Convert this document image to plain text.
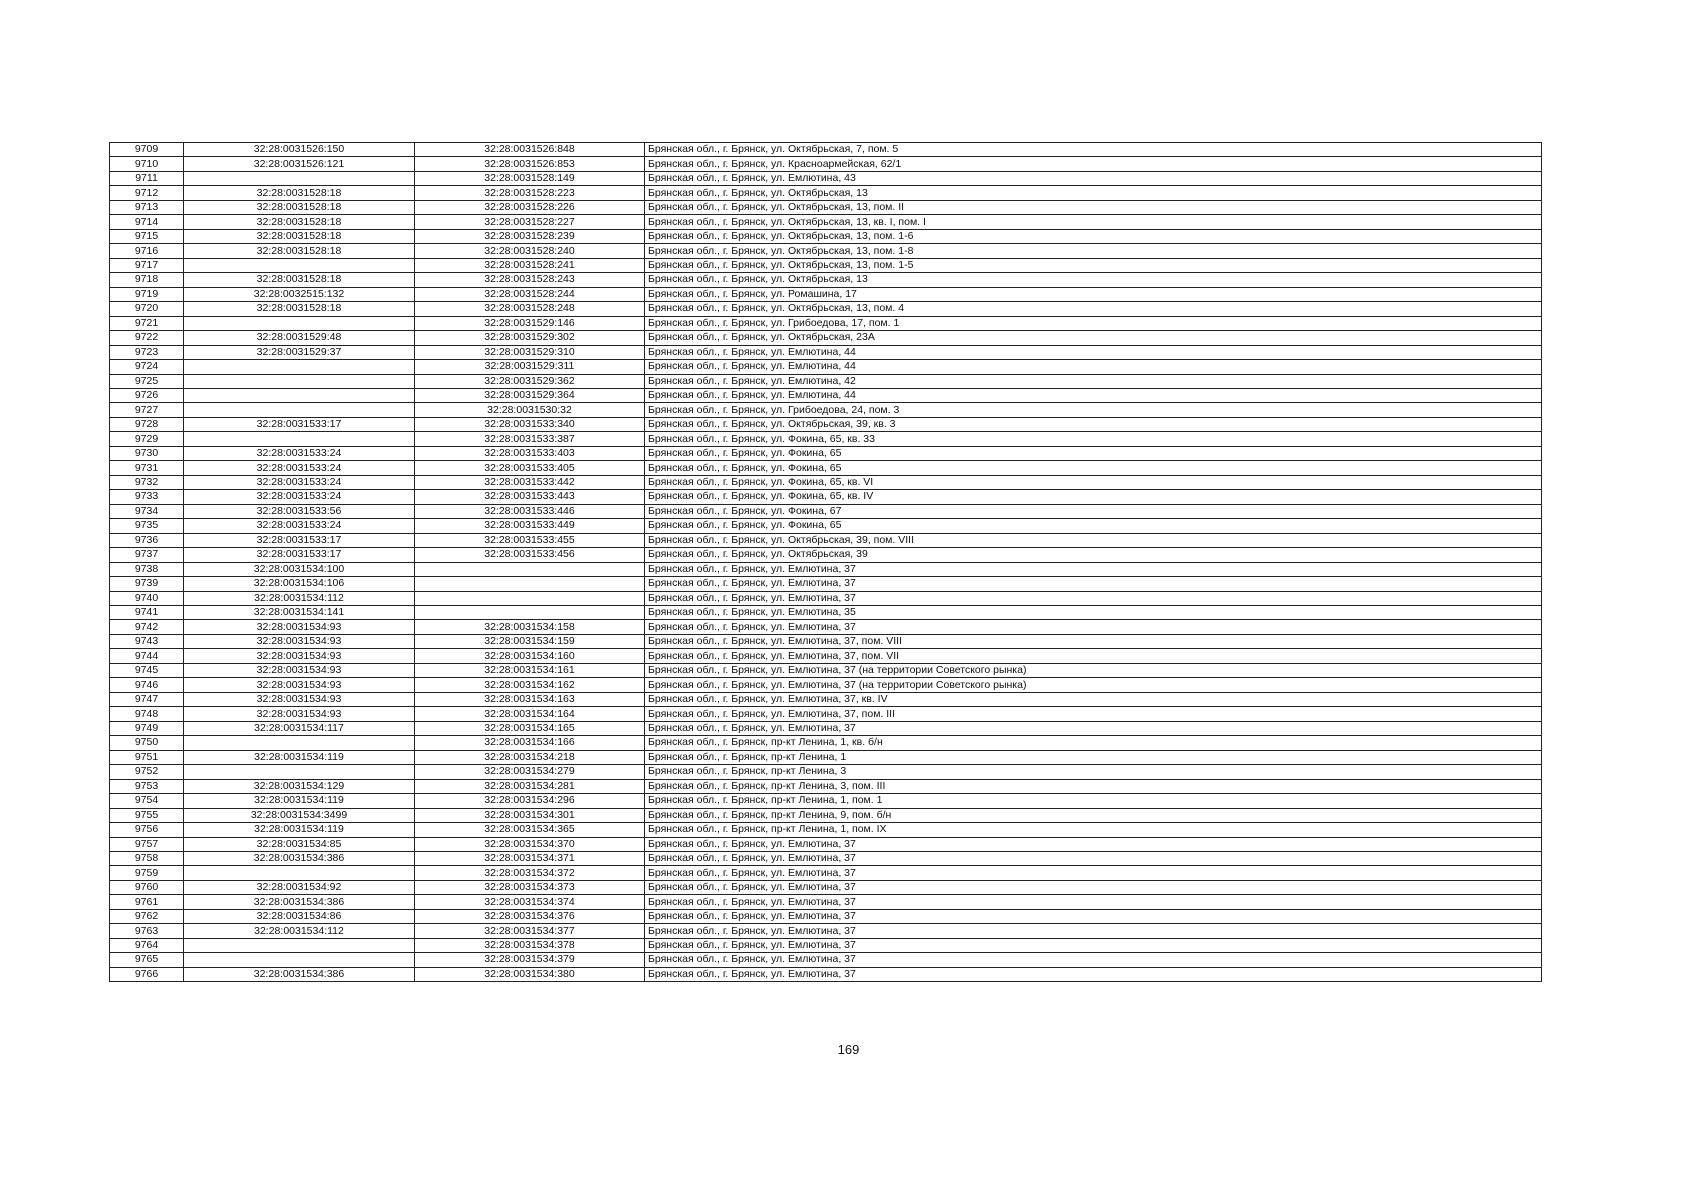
9709	32:28:0031526:150	32:28:0031526:848	Брянская обл., г. Брянск, ул. Октябрьская, 7, пом. 5
9710	32:28:0031526:121	32:28:0031526:853	Брянская обл., г. Брянск, ул. Красноармейская, 62/1
9711		32:28:0031528:149	Брянская обл., г. Брянск, ул. Емлютина, 43
9712	32:28:0031528:18	32:28:0031528:223	Брянская обл., г. Брянск, ул. Октябрьская, 13
9713	32:28:0031528:18	32:28:0031528:226	Брянская обл., г. Брянск, ул. Октябрьская, 13, пом. II
9714	32:28:0031528:18	32:28:0031528:227	Брянская обл., г. Брянск, ул. Октябрьская, 13, кв. I, пом. I
9715	32:28:0031528:18	32:28:0031528:239	Брянская обл., г. Брянск, ул. Октябрьская, 13, пом. 1-6
9716	32:28:0031528:18	32:28:0031528:240	Брянская обл., г. Брянск, ул. Октябрьская, 13, пом. 1-8
9717		32:28:0031528:241	Брянская обл., г. Брянск, ул. Октябрьская, 13, пом. 1-5
9718	32:28:0031528:18	32:28:0031528:243	Брянская обл., г. Брянск, ул. Октябрьская, 13
9719	32:28:0032515:132	32:28:0031528:244	Брянская обл., г. Брянск, ул. Ромашина, 17
9720	32:28:0031528:18	32:28:0031528:248	Брянская обл., г. Брянск, ул. Октябрьская, 13, пом. 4
9721		32:28:0031529:146	Брянская обл., г. Брянск, ул. Грибоедова, 17, пом. 1
9722	32:28:0031529:48	32:28:0031529:302	Брянская обл., г. Брянск, ул. Октябрьская, 23А
9723	32:28:0031529:37	32:28:0031529:310	Брянская обл., г. Брянск, ул. Емлютина, 44
9724		32:28:0031529:311	Брянская обл., г. Брянск, ул. Емлютина, 44
9725		32:28:0031529:362	Брянская обл., г. Брянск, ул. Емлютина, 42
9726		32:28:0031529:364	Брянская обл., г. Брянск, ул. Емлютина, 44
9727		32:28:0031530:32	Брянская обл., г. Брянск, ул. Грибоедова, 24, пом. 3
9728	32:28:0031533:17	32:28:0031533:340	Брянская обл., г. Брянск, ул. Октябрьская, 39, кв. 3
9729		32:28:0031533:387	Брянская обл., г. Брянск, ул. Фокина, 65, кв. 33
9730	32:28:0031533:24	32:28:0031533:403	Брянская обл., г. Брянск, ул. Фокина, 65
9731	32:28:0031533:24	32:28:0031533:405	Брянская обл., г. Брянск, ул. Фокина, 65
9732	32:28:0031533:24	32:28:0031533:442	Брянская обл., г. Брянск, ул. Фокина, 65, кв. VI
9733	32:28:0031533:24	32:28:0031533:443	Брянская обл., г. Брянск, ул. Фокина, 65, кв. IV
9734	32:28:0031533:56	32:28:0031533:446	Брянская обл., г. Брянск, ул. Фокина, 67
9735	32:28:0031533:24	32:28:0031533:449	Брянская обл., г. Брянск, ул. Фокина, 65
9736	32:28:0031533:17	32:28:0031533:455	Брянская обл., г. Брянск, ул. Октябрьская, 39, пом. VIII
9737	32:28:0031533:17	32:28:0031533:456	Брянская обл., г. Брянск, ул. Октябрьская, 39
9738	32:28:0031534:100		Брянская обл., г. Брянск, ул. Емлютина, 37
9739	32:28:0031534:106		Брянская обл., г. Брянск, ул. Емлютина, 37
9740	32:28:0031534:112		Брянская обл., г. Брянск, ул. Емлютина, 37
9741	32:28:0031534:141		Брянская обл., г. Брянск, ул. Емлютина, 35
9742	32:28:0031534:93	32:28:0031534:158	Брянская обл., г. Брянск, ул. Емлютина, 37
9743	32:28:0031534:93	32:28:0031534:159	Брянская обл., г. Брянск, ул. Емлютина, 37, пом. VIII
9744	32:28:0031534:93	32:28:0031534:160	Брянская обл., г. Брянск, ул. Емлютина, 37, пом. VII
9745	32:28:0031534:93	32:28:0031534:161	Брянская обл., г. Брянск, ул. Емлютина, 37 (на территории Советского рынка)
9746	32:28:0031534:93	32:28:0031534:162	Брянская обл., г. Брянск, ул. Емлютина, 37 (на территории Советского рынка)
9747	32:28:0031534:93	32:28:0031534:163	Брянская обл., г. Брянск, ул. Емлютина, 37, кв. IV
9748	32:28:0031534:93	32:28:0031534:164	Брянская обл., г. Брянск, ул. Емлютина, 37, пом. III
9749	32:28:0031534:117	32:28:0031534:165	Брянская обл., г. Брянск, ул. Емлютина, 37
9750		32:28:0031534:166	Брянская обл., г. Брянск, пр-кт Ленина, 1, кв. б/н
9751	32:28:0031534:119	32:28:0031534:218	Брянская обл., г. Брянск, пр-кт Ленина, 1
9752		32:28:0031534:279	Брянская обл., г. Брянск, пр-кт Ленина, 3
9753	32:28:0031534:129	32:28:0031534:281	Брянская обл., г. Брянск, пр-кт Ленина, 3, пом. III
9754	32:28:0031534:119	32:28:0031534:296	Брянская обл., г. Брянск, пр-кт Ленина, 1, пом. 1
9755	32:28:0031534:3499	32:28:0031534:301	Брянская обл., г. Брянск, пр-кт Ленина, 9, пом. б/н
9756	32:28:0031534:119	32:28:0031534:365	Брянская обл., г. Брянск, пр-кт Ленина, 1, пом. IX
9757	32:28:0031534:85	32:28:0031534:370	Брянская обл., г. Брянск, ул. Емлютина, 37
9758	32:28:0031534:386	32:28:0031534:371	Брянская обл., г. Брянск, ул. Емлютина, 37
9759		32:28:0031534:372	Брянская обл., г. Брянск, ул. Емлютина, 37
9760	32:28:0031534:92	32:28:0031534:373	Брянская обл., г. Брянск, ул. Емлютина, 37
9761	32:28:0031534:386	32:28:0031534:374	Брянская обл., г. Брянск, ул. Емлютина, 37
9762	32:28:0031534:86	32:28:0031534:376	Брянская обл., г. Брянск, ул. Емлютина, 37
9763	32:28:0031534:112	32:28:0031534:377	Брянская обл., г. Брянск, ул. Емлютина, 37
9764		32:28:0031534:378	Брянская обл., г. Брянск, ул. Емлютина, 37
9765		32:28:0031534:379	Брянская обл., г. Брянск, ул. Емлютина, 37
9766	32:28:0031534:386	32:28:0031534:380	Брянская обл., г. Брянск, ул. Емлютина, 37
169
